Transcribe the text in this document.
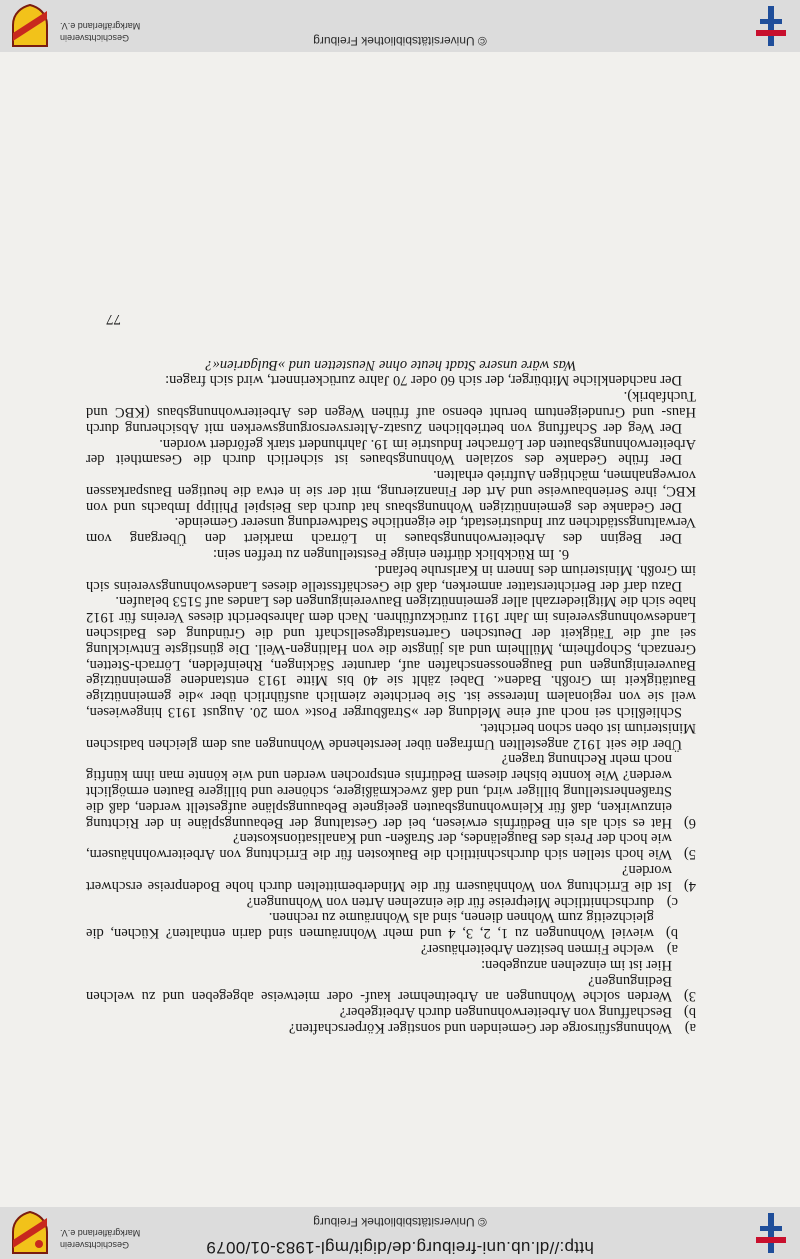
http://dl.ub.uni-freiburg.de/digit/mgl-1983-01/0079
© Universitätsbibliothek Freiburg
Geschichtsverein
Markgräflerland e.V.
a)

Wohnungsfürsorge der Gemeinden und sonstiger Körperschaften?

b)

Beschaffung von Arbeiterwohnungen durch Arbeitgeber?

3)

Werden solche Wohnungen an Arbeitnehmer kauf- oder mietweise abgegeben und zu welchen Bedingungen?

Hier ist im einzelnen anzugeben:

a)

welche Firmen besitzen Arbeiterhäuser?

b)

wieviel Wohnungen zu 1, 2, 3, 4 und mehr Wohnräumen sind darin enthalten? Küchen, die gleichzeitig zum Wohnen dienen, sind als Wohnräume zu rechnen.

c)

durchschnittliche Mietpreise für die einzelnen Arten von Wohnungen?

4)

Ist die Errichtung von Wohnhäusern für die Minderbemittelten durch hohe Bodenpreise erschwert worden?

5)

Wie hoch stellen sich durchschnittlich die Baukosten für die Errichtung von Arbeiterwohnhäusern, wie hoch der Preis des Baugeländes, der Straßen- und Kanalisationskosten?

6)

Hat es sich als ein Bedürfnis erwiesen, bei der Gestaltung der Bebauungspläne in der Richtung einzuwirken, daß für Kleinwohnungsbauten geeignete Bebauungspläne aufgestellt werden, daß die Straßenherstellung billiger wird, und daß zweckmäßigere, schönere und billigere Bauten ermöglicht werden? Wie konnte bisher diesem Bedürfnis entsprochen werden und wie könnte man ihm künftig noch mehr Rechnung tragen?

Über die seit 1912 angestellten Umfragen über leerstehende Wohnungen aus dem gleichen badischen Ministerium ist oben schon berichtet.

Schließlich sei noch auf eine Meldung der »Straßburger Post« vom 20. August 1913 hingewiesen, weil sie von regionalem Interesse ist. Sie berichtete ziemlich ausführlich über »die gemeinnützige Bautätigkeit im Großh. Baden«. Dabei zählt sie 40 bis Mitte 1913 entstandene gemeinnützige Bauvereinigungen und Baugenossenschaften auf, darunter Säckingen, Rheinfelden, Lörrach-Stetten, Grenzach, Schopfheim, Müllheim und als jüngste die von Haltingen-Weil. Die günstigste Entwicklung sei auf die Tätigkeit der Deutschen Gartenstadtgesellschaft und die Gründung des Badischen Landeswohnungsvereins im Jahr 1911 zurückzuführen. Nach dem Jahresbericht dieses Vereins für 1912 habe sich die Mitgliederzahl aller gemeinnützigen Bauvereinigungen des Landes auf 5153 belaufen.

Dazu darf der Berichterstatter anmerken, daß die Geschäftsstelle dieses Landeswohnungsvereins sich im Großh. Ministerium des Innern in Karlsruhe befand.

6. Im Rückblick dürften einige Feststellungen zu treffen sein:

Der Beginn des Arbeiterwohnungsbaues in Lörrach markiert den Übergang vom Verwaltungsstädtchen zur Industriestadt, die eigentliche Stadtwerdung unserer Gemeinde.

Der Gedanke des gemeinnützigen Wohnungsbaus hat durch das Beispiel Philipp Imbachs und von KBC, ihre Serienbauweise und Art der Finanzierung, mit der sie in etwa die heutigen Bausparkassen vorwegnahmen, mächtigen Auftrieb erhalten.

Der frühe Gedanke des sozialen Wohnungsbaues ist sicherlich durch die Gesamtheit der Arbeiterwohnungsbauten der Lörracher Industrie im 19. Jahrhundert stark gefördert worden.

Der Weg der Schaffung von betrieblichen Zusatz-Altersversorgungswerken mit Absicherung durch Haus- und Grundeigentum beruht ebenso auf frühen Wegen des Arbeiterwohnungsbaus (KBC und Tuchfabrik).

Der nachdenkliche Mitbürger, der sich 60 oder 70 Jahre zurückerinnert, wird sich fragen:

Was wäre unsere Stadt heute ohne Neustetten und »Bulgarien«?

77
© Universitätsbibliothek Freiburg
Geschichtsverein
Markgräflerland e.V.
